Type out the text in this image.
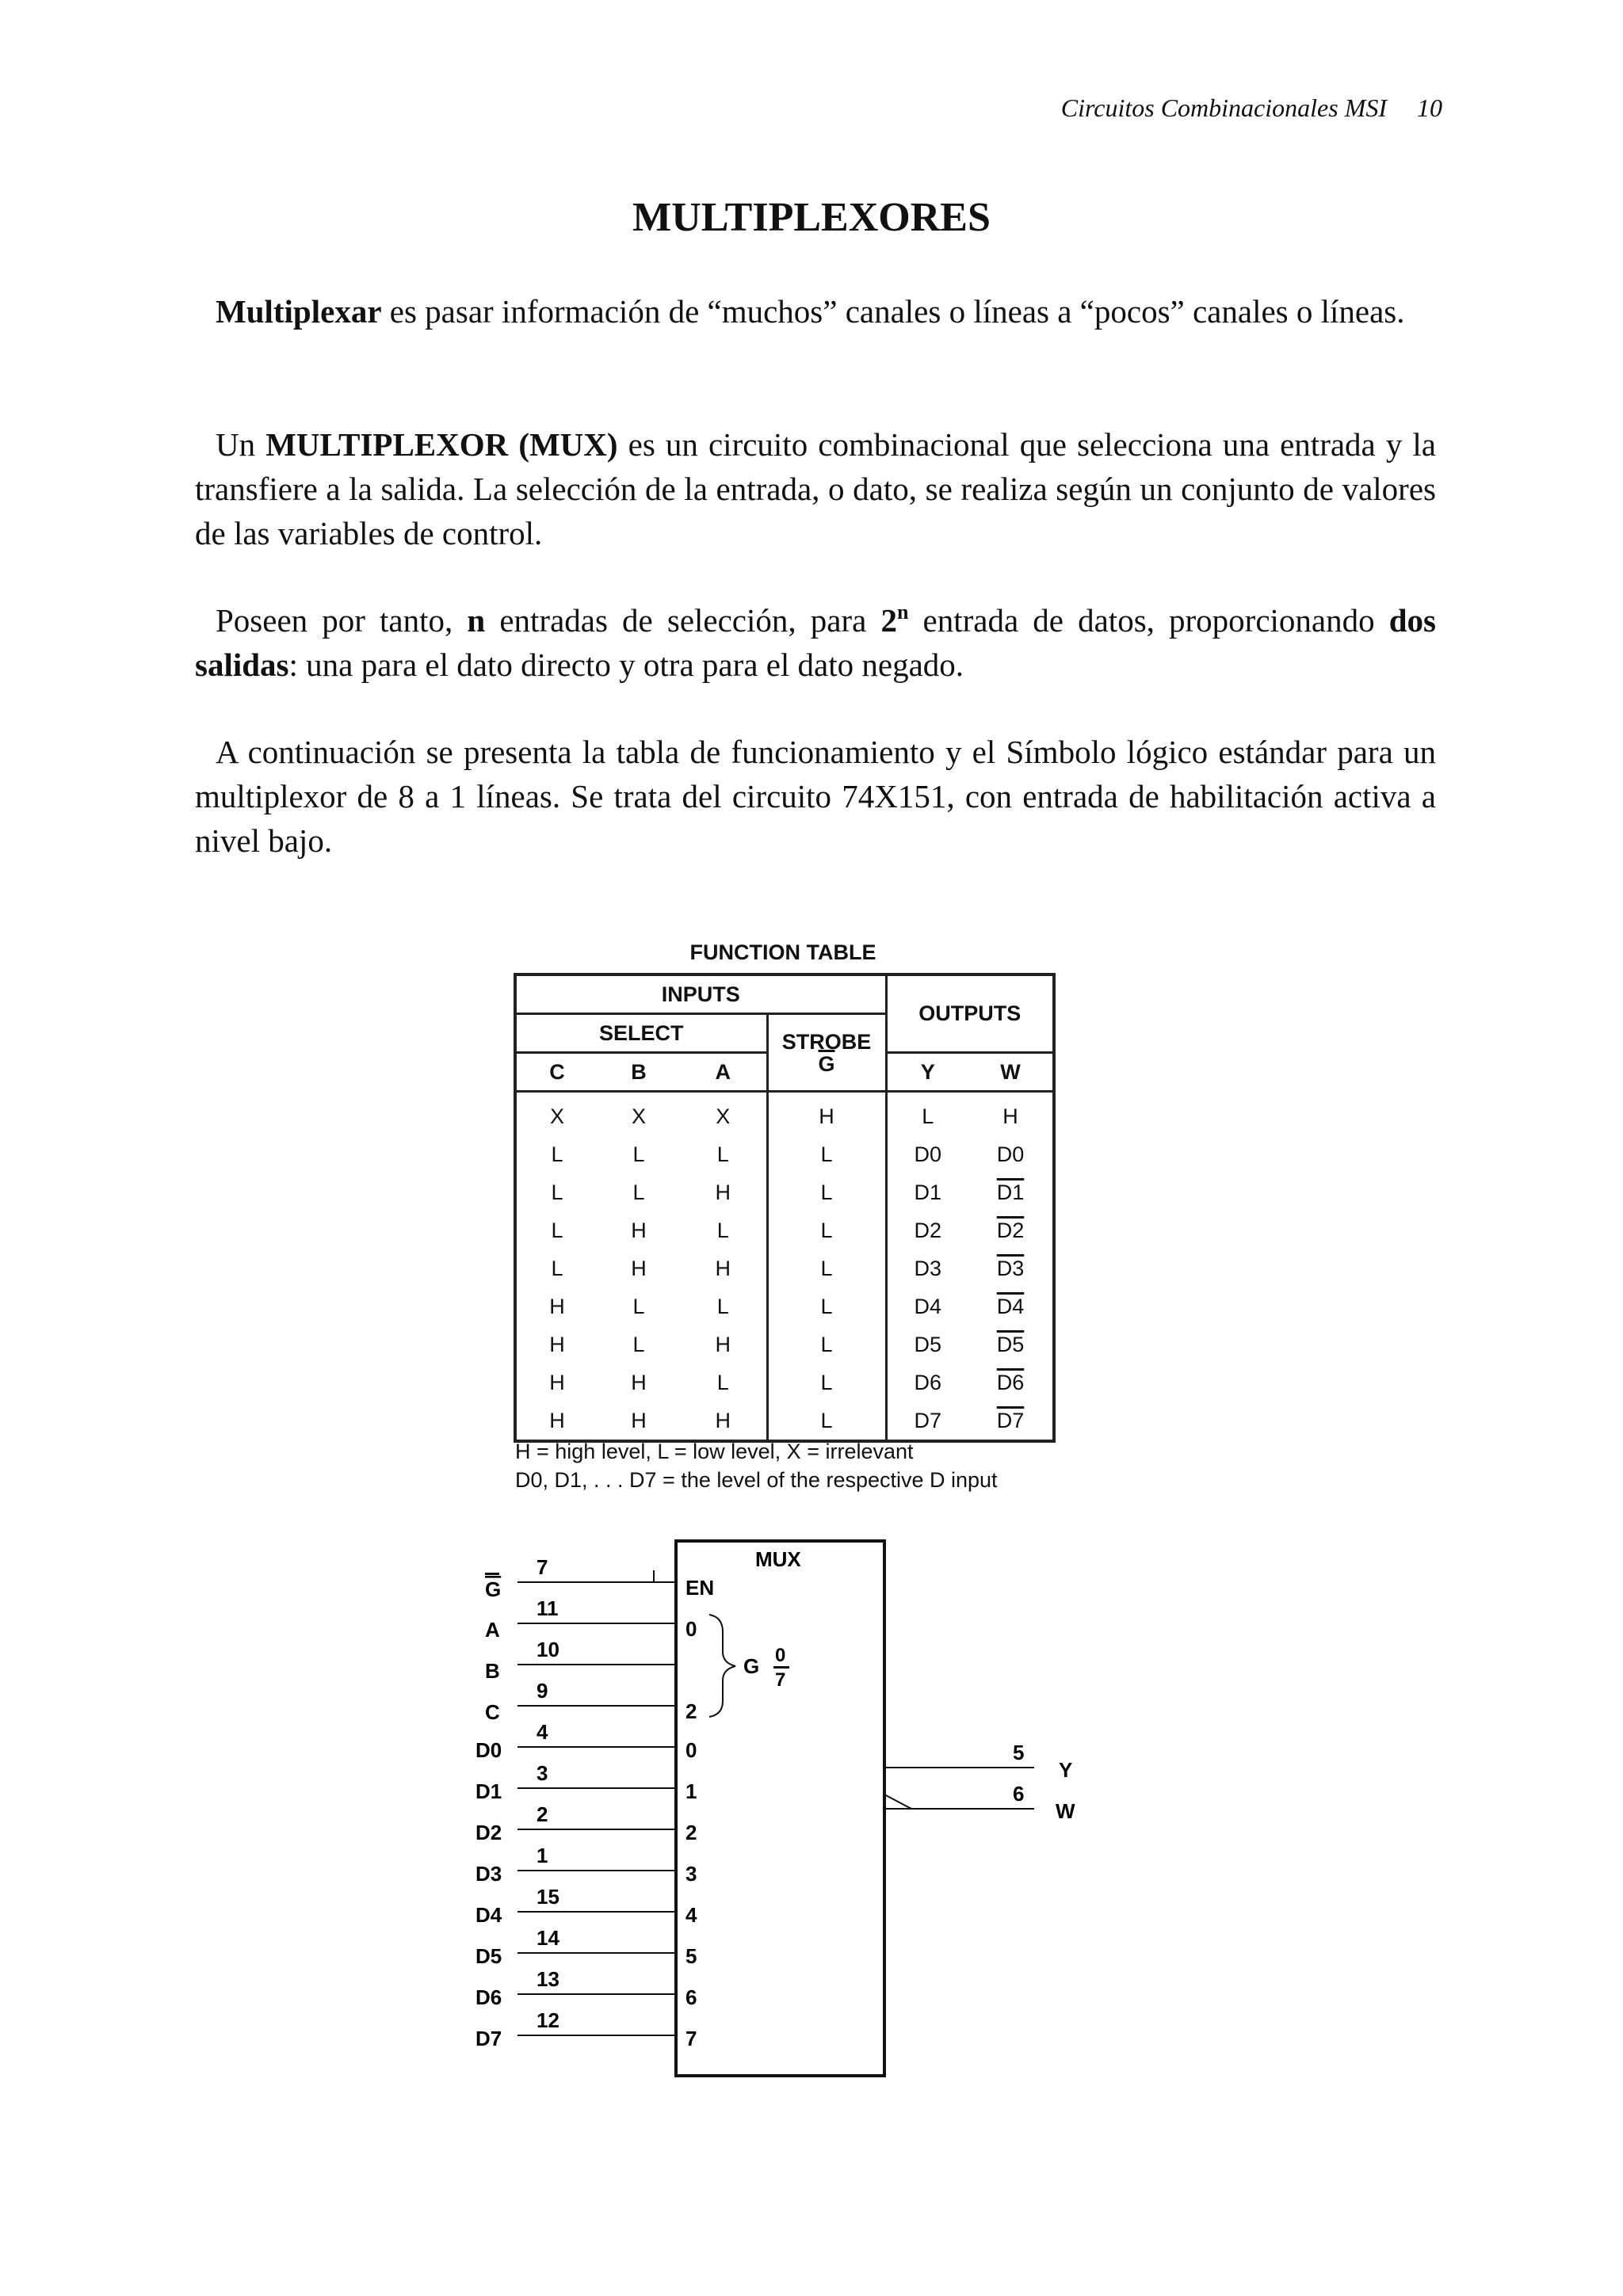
Circuitos Combinacionales MSI 10
MULTIPLEXORES

Multiplexar es pasar información de “muchos” canales o líneas a “pocos” canales o líneas.

Un MULTIPLEXOR (MUX) es un circuito combinacional que selecciona una entrada y la transfiere a la salida. La selección de la entrada, o dato, se realiza según un conjunto de valores de las variables de control.

Poseen por tanto, n entradas de selección, para 2$^n$ entrada de datos, proporcionando dos salidas: una para el dato directo y otra para el dato negado.

A continuación se presenta la tabla de funcionamiento y el Símbolo lógico estándar para un multiplexor de 8 a 1 líneas. Se trata del circuito 74X151, con entrada de habilitación activa a nivel bajo.

FUNCTION TABLE
INPUTS				OUTPUTS	
SELECT			STROBE
$\overline{G}$

C	B	A		Y	W
X	X	X	H	L	H
L	L	L	L	D0	D0
L	L	H	L	D1	D1
L	H	L	L	D2	D2
L	H	H	L	D3	D3
H	L	L	L	D4	D4
H	L	H	L	D5	D5
H	H	L	L	D6	D6
H	H	H	L	D7	D7
H = high level, L = low level, X = irrelevant
D0, D1, . . . D7 = the level of the respective D input
MUX
EN
G
7
A
11
0
B
10
C
9
2
G 0
7
D0
4
0
D1
3
1
D2
2
2
D3
1
3
D4
15
4
D5
14
5
D6
13
6
D7
12
7
5
Y
6
W
